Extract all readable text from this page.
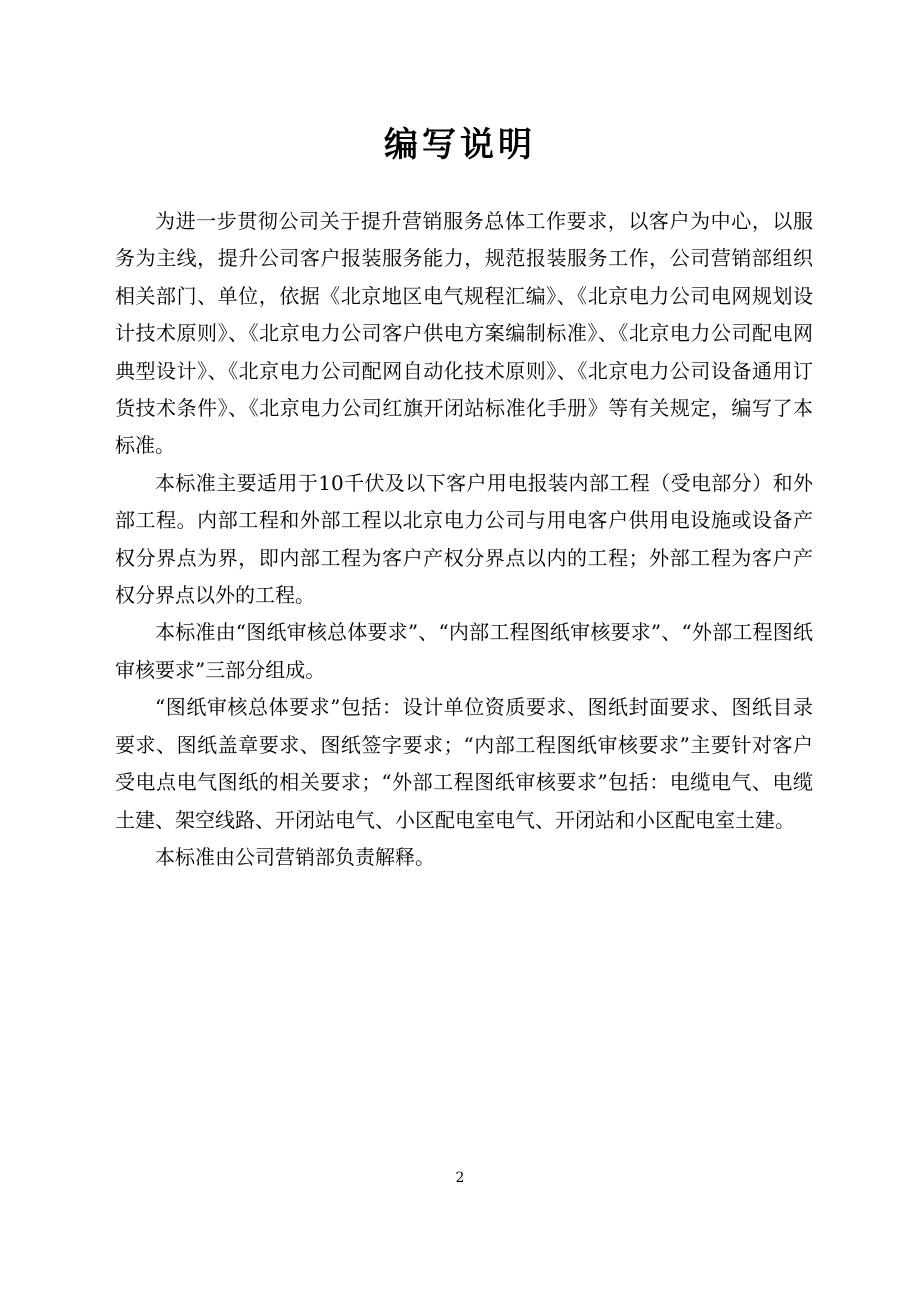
编写说明

为进一步贯彻公司关于提升营销服务总体工作要求，以客户为中心，以服务为主线，提升公司客户报装服务能力，规范报装服务工作，公司营销部组织相关部门、单位，依据《北京地区电气规程汇编》、《北京电力公司电网规划设计技术原则》、《北京电力公司客户供电方案编制标准》、《北京电力公司配电网典型设计》、《北京电力公司配网自动化技术原则》、《北京电力公司设备通用订货技术条件》、《北京电力公司红旗开闭站标准化手册》等有关规定，编写了本标准。

本标准主要适用于10千伏及以下客户用电报装内部工程（受电部分）和外部工程。内部工程和外部工程以北京电力公司与用电客户供用电设施或设备产权分界点为界，即内部工程为客户产权分界点以内的工程；外部工程为客户产权分界点以外的工程。

本标准由“图纸审核总体要求”、“内部工程图纸审核要求”、“外部工程图纸审核要求”三部分组成。

“图纸审核总体要求”包括：设计单位资质要求、图纸封面要求、图纸目录要求、图纸盖章要求、图纸签字要求；“内部工程图纸审核要求”主要针对客户受电点电气图纸的相关要求；“外部工程图纸审核要求”包括：电缆电气、电缆土建、架空线路、开闭站电气、小区配电室电气、开闭站和小区配电室土建。

本标准由公司营销部负责解释。

2
